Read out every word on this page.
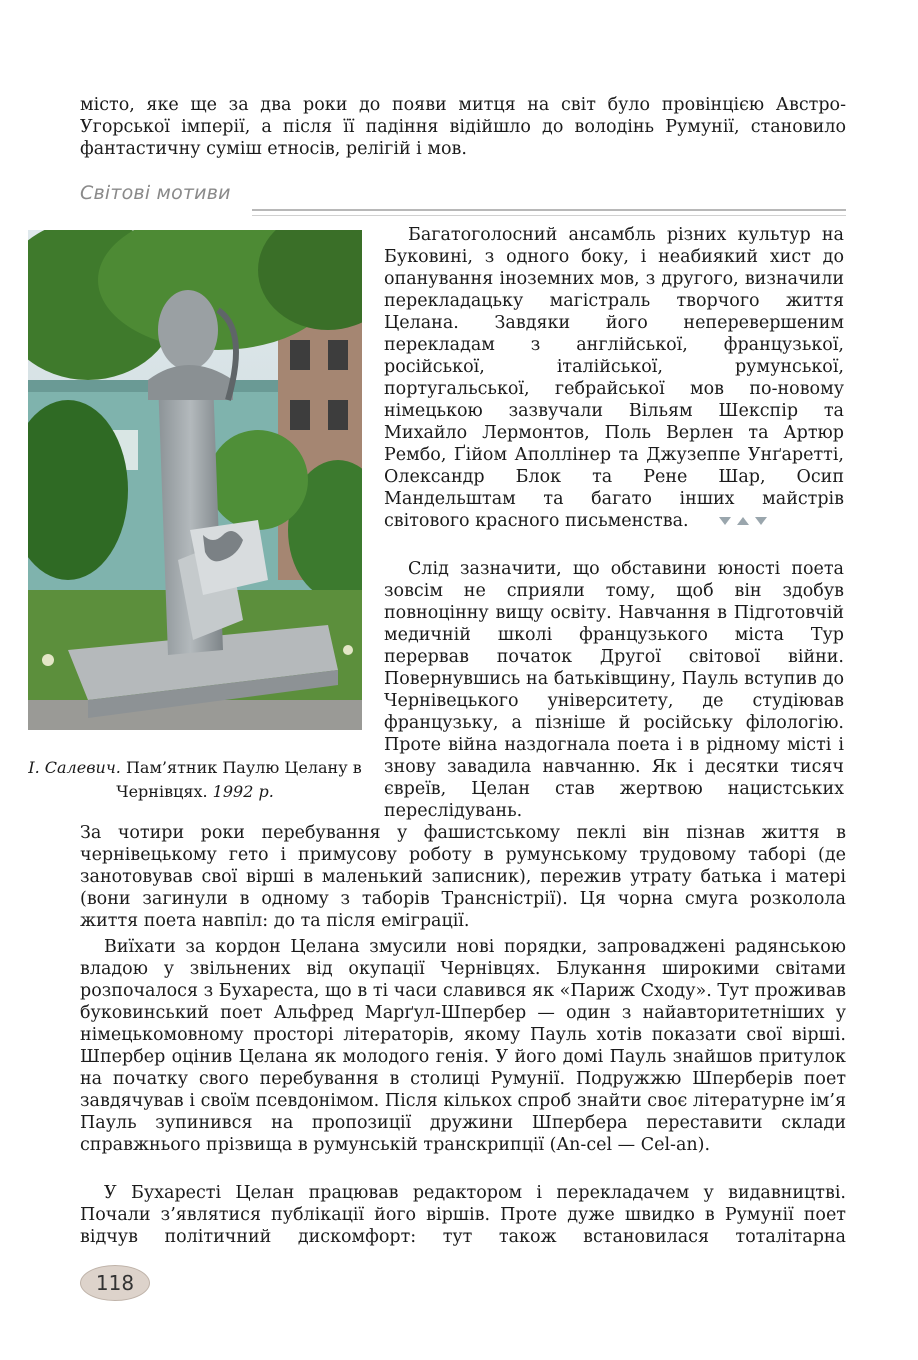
місто, яке ще за два роки до появи митця на світ було провінцією Австро-Угорської імперії, а після її падіння відійшло до володінь Румунії, становило фантастичну суміш етносів, релігій і мов.

Світові мотиви
І. Салевич. Пам’ятник Паулю Целану в Чернівцях. 1992 р.

Багатоголосний ансамбль різних культур на Буковині, з одного боку, і неабиякий хист до опанування іноземних мов, з другого, визначили перекладацьку магістраль творчого життя Целана. Завдяки його неперевершеним перекладам з англійської, французької, російської, італійської, румунської, португальської, гебрайської мов по-новому німецькою зазвучали Вільям Шекспір та Михайло Лермонтов, Поль Верлен та Артюр Рембо, Ґійом Аполлінер та Джузеппе Унґаретті, Олександр Блок та Рене Шар, Осип Мандельштам та багато інших майстрів світового красного письменства.

Слід зазначити, що обставини юності поета зовсім не сприяли тому, щоб він здобув повноцінну вищу освіту. Навчання в Підготовчій медичній школі французького міста Тур перервав початок Другої світової війни. Повернувшись на батьківщину, Пауль вступив до Чернівецького університету, де студіював французьку, а пізніше й російську філологію. Проте війна наздогнала поета і в рідному місті і знову завадила навчанню. Як і десятки тисяч євреїв, Целан став жертвою нацистських переслідувань.

За чотири роки перебування у фашистському пеклі він пізнав життя в чернівецькому гето і примусову роботу в румунському трудовому таборі (де занотовував свої вірші в маленький записник), пережив утрату батька і матері (вони загинули в одному з таборів Трансністрії). Ця чорна смуга розколола життя поета навпіл: до та після еміграції.

Виїхати за кордон Целана змусили нові порядки, запроваджені радянською владою у звільнених від окупації Чернівцях. Блукання широкими світами розпочалося з Бухареста, що в ті часи славився як «Париж Сходу». Тут проживав буковинський поет Альфред Марґул-Шпербер — один з найавторитетніших у німецькомовному просторі літераторів, якому Пауль хотів показати свої вірші. Шпербер оцінив Целана як молодого генія. У його домі Пауль знайшов притулок на початку свого перебування в столиці Румунії. Подружжю Шперберів поет завдячував і своїм псевдонімом. Після кількох спроб знайти своє літературне ім’я Пауль зупинився на пропозиції дружини Шпербера переставити склади справжнього прізвища в румунській транскрипції (An-cel — Cel-an).

У Бухаресті Целан працював редактором і перекладачем у видавництві. Почали з’являтися публікації його віршів. Проте дуже швидко в Румунії поет відчув політичний дискомфорт: тут також встановилася тоталітарна

118
